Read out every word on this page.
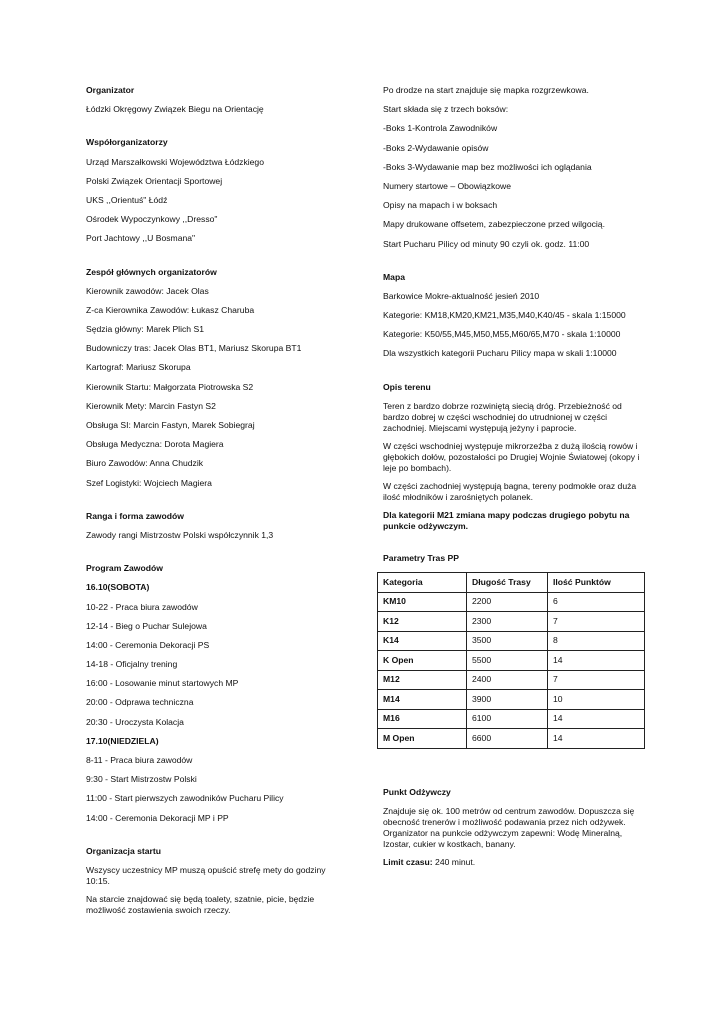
Organizator
Łódzki Okręgowy Związek Biegu na Orientację
Współorganizatorzy
Urząd Marszałkowski Województwa Łódzkiego
Polski Związek Orientacji Sportowej
UKS ,,Orientuś" Łódź
Ośrodek Wypoczynkowy ,,Dresso"
Port Jachtowy ,,U Bosmana"
Zespół głównych organizatorów
Kierownik zawodów: Jacek Olas
Z-ca Kierownika Zawodów: Łukasz Charuba
Sędzia główny: Marek Plich S1
Budowniczy tras: Jacek Olas BT1, Mariusz Skorupa BT1
Kartograf: Mariusz Skorupa
Kierownik Startu: Małgorzata Piotrowska S2
Kierownik Mety: Marcin Fastyn S2
Obsługa SI: Marcin Fastyn, Marek Sobiegraj
Obsługa Medyczna: Dorota Magiera
Biuro Zawodów: Anna Chudzik
Szef Logistyki: Wojciech Magiera
Ranga i forma zawodów
Zawody rangi Mistrzostw Polski współczynnik 1,3
Program Zawodów
16.10(SOBOTA)
10-22 - Praca biura zawodów
12-14 - Bieg o Puchar Sulejowa
14:00 - Ceremonia Dekoracji PS
14-18 - Oficjalny trening
16:00 - Losowanie minut startowych MP
20:00 - Odprawa techniczna
20:30 - Uroczysta Kolacja
17.10(NIEDZIELA)
8-11 - Praca biura zawodów
9:30 - Start Mistrzostw Polski
11:00 - Start pierwszych zawodników Pucharu Pilicy
14:00 - Ceremonia Dekoracji MP i PP
Organizacja startu
Wszyscy uczestnicy MP muszą opuścić strefę mety do godziny 10:15.
Na starcie znajdować się będą toalety, szatnie, picie, będzie możliwość zostawienia swoich rzeczy.
Po drodze na start znajduje się mapka rozgrzewkowa.
Start składa się z trzech boksów:
-Boks 1-Kontrola Zawodników
-Boks 2-Wydawanie opisów
-Boks 3-Wydawanie map bez możliwości ich oglądania
Numery startowe – Obowiązkowe
Opisy na mapach i w boksach
Mapy drukowane offsetem, zabezpieczone przed wilgocią.
Start Pucharu Pilicy od minuty 90 czyli ok. godz. 11:00
Mapa
Barkowice Mokre-aktualność jesień 2010
Kategorie: KM18,KM20,KM21,M35,M40,K40/45 - skala 1:15000
Kategorie: K50/55,M45,M50,M55,M60/65,M70 - skala 1:10000
Dla wszystkich kategorii Pucharu Pilicy mapa w skali 1:10000
Opis terenu
Teren z bardzo dobrze rozwiniętą siecią dróg. Przebieżność od bardzo dobrej w części wschodniej do utrudnionej w części zachodniej. Miejscami występują jeżyny i paprocie.
W części wschodniej występuje mikrorzeźba z dużą ilością rowów i głębokich dołów, pozostałości po Drugiej Wojnie Światowej (okopy i leje po bombach).
W części zachodniej występują bagna, tereny podmokłe oraz duża ilość młodników i zarośniętych polanek.
Dla kategorii M21 zmiana mapy podczas drugiego pobytu na punkcie odżywczym.
Parametry Tras PP
Kategoria	Długość Trasy	Ilość Punktów
KM10	2200	6
K12	2300	7
K14	3500	8
K Open	5500	14
M12	2400	7
M14	3900	10
M16	6100	14
M Open	6600	14
Punkt Odżywczy
Znajduje się ok. 100 metrów od centrum zawodów. Dopuszcza się obecność trenerów i możliwość podawania przez nich odżywek. Organizator na punkcie odżywczym zapewni: Wodę Mineralną, Izostar, cukier w kostkach, banany.
Limit czasu: 240 minut.
